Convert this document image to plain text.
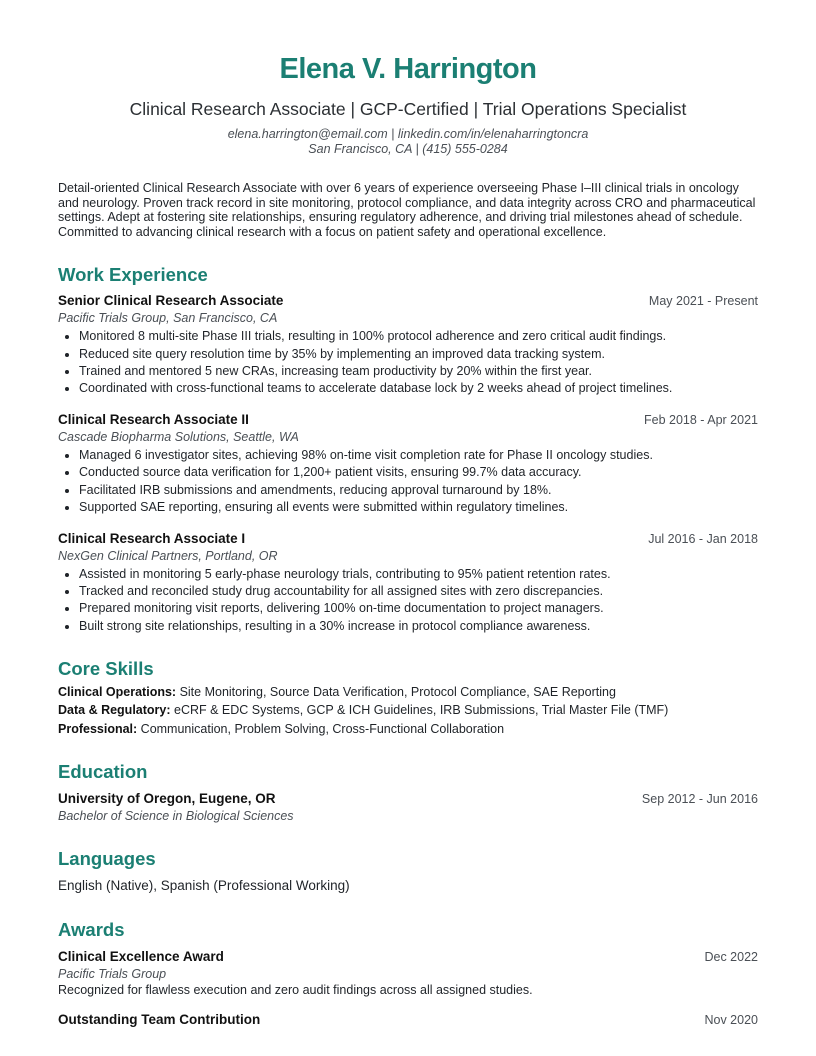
Elena V. Harrington
Clinical Research Associate | GCP-Certified | Trial Operations Specialist
elena.harrington@email.com | linkedin.com/in/elenaharringtoncra
San Francisco, CA | (415) 555-0284
Detail-oriented Clinical Research Associate with over 6 years of experience overseeing Phase I–III clinical trials in oncology and neurology. Proven track record in site monitoring, protocol compliance, and data integrity across CRO and pharmaceutical settings. Adept at fostering site relationships, ensuring regulatory adherence, and driving trial milestones ahead of schedule. Committed to advancing clinical research with a focus on patient safety and operational excellence.
Work Experience
Senior Clinical Research Associate	May 2021 - Present
Pacific Trials Group, San Francisco, CA
• Monitored 8 multi-site Phase III trials, resulting in 100% protocol adherence and zero critical audit findings.
• Reduced site query resolution time by 35% by implementing an improved data tracking system.
• Trained and mentored 5 new CRAs, increasing team productivity by 20% within the first year.
• Coordinated with cross-functional teams to accelerate database lock by 2 weeks ahead of project timelines.
Clinical Research Associate II	Feb 2018 - Apr 2021
Cascade Biopharma Solutions, Seattle, WA
• Managed 6 investigator sites, achieving 98% on-time visit completion rate for Phase II oncology studies.
• Conducted source data verification for 1,200+ patient visits, ensuring 99.7% data accuracy.
• Facilitated IRB submissions and amendments, reducing approval turnaround by 18%.
• Supported SAE reporting, ensuring all events were submitted within regulatory timelines.
Clinical Research Associate I	Jul 2016 - Jan 2018
NexGen Clinical Partners, Portland, OR
• Assisted in monitoring 5 early-phase neurology trials, contributing to 95% patient retention rates.
• Tracked and reconciled study drug accountability for all assigned sites with zero discrepancies.
• Prepared monitoring visit reports, delivering 100% on-time documentation to project managers.
• Built strong site relationships, resulting in a 30% increase in protocol compliance awareness.
Core Skills
Clinical Operations: Site Monitoring, Source Data Verification, Protocol Compliance, SAE Reporting
Data & Regulatory: eCRF & EDC Systems, GCP & ICH Guidelines, IRB Submissions, Trial Master File (TMF)
Professional: Communication, Problem Solving, Cross-Functional Collaboration
Education
University of Oregon, Eugene, OR	Sep 2012 - Jun 2016
Bachelor of Science in Biological Sciences
Languages
English (Native), Spanish (Professional Working)
Awards
Clinical Excellence Award	Dec 2022
Pacific Trials Group
Recognized for flawless execution and zero audit findings across all assigned studies.
Outstanding Team Contribution	Nov 2020
